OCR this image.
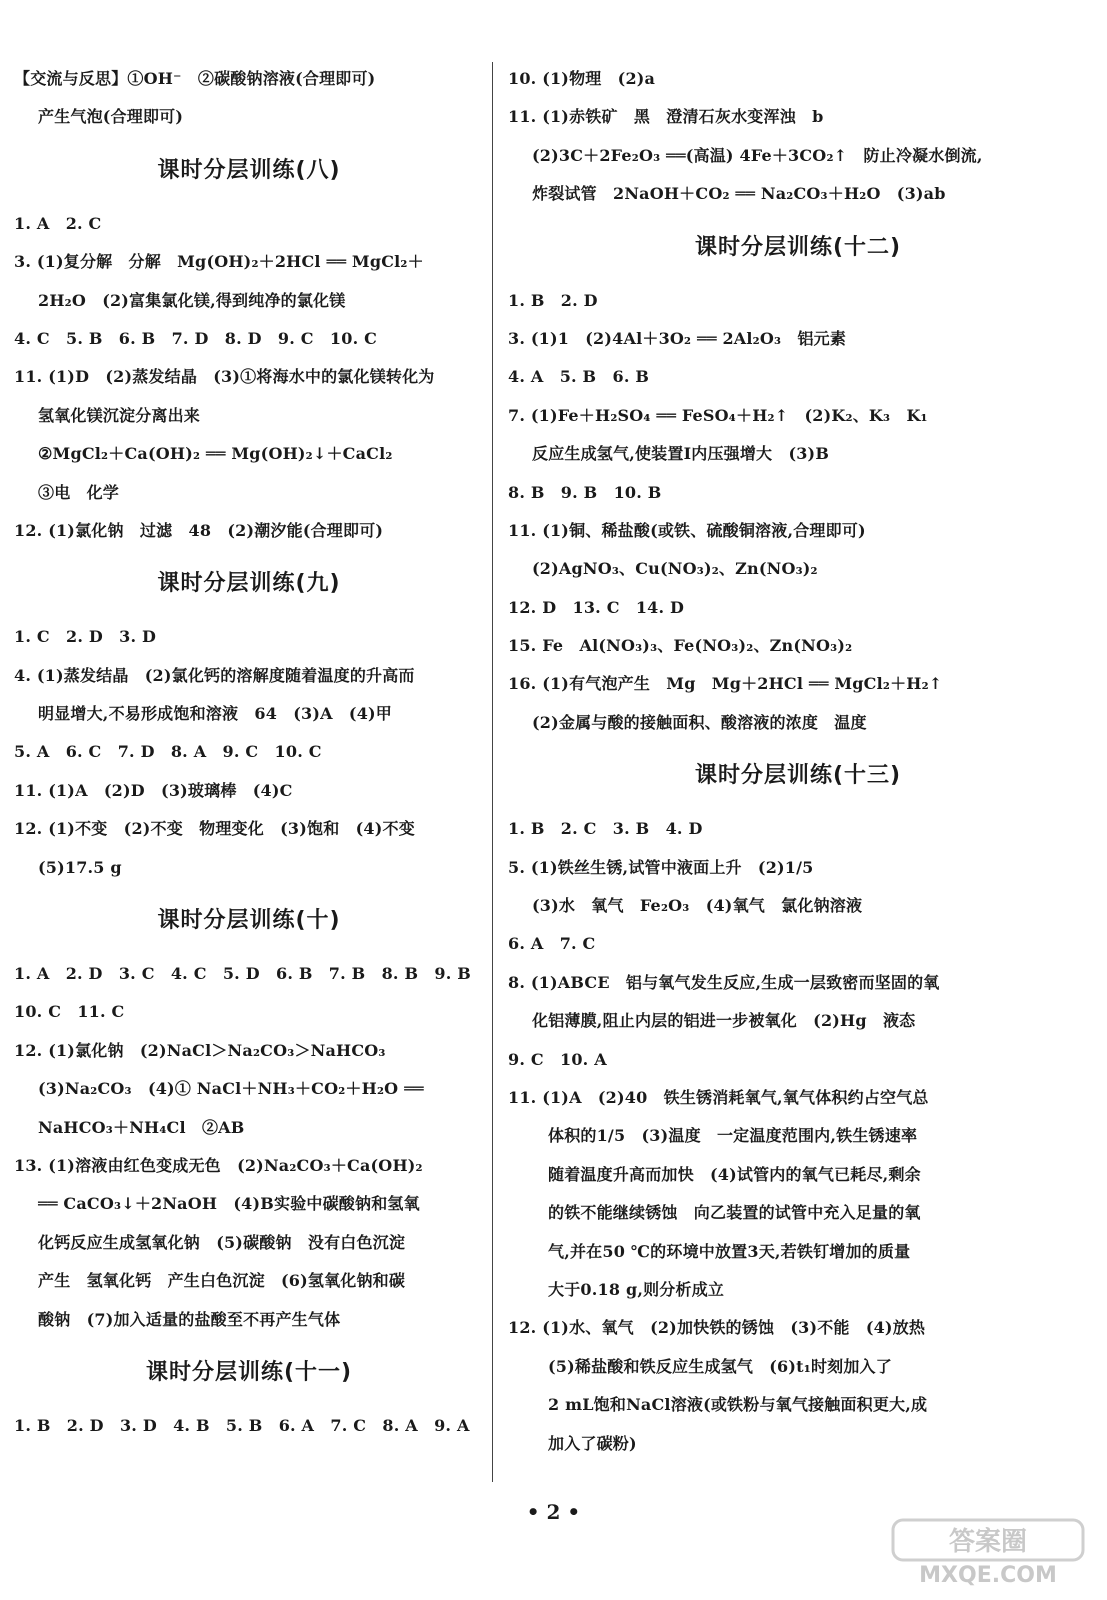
【交流与反思】①OH⁻　②碳酸钠溶液(合理即可)
产生气泡(合理即可)
课时分层训练(八)
1. A　2. C
3. (1)复分解　分解　Mg(OH)₂＋2HCl ══ MgCl₂＋
2H₂O　(2)富集氯化镁,得到纯净的氯化镁
4. C　5. B　6. B　7. D　8. D　9. C　10. C
11. (1)D　(2)蒸发结晶　(3)①将海水中的氯化镁转化为
氢氧化镁沉淀分离出来
②MgCl₂＋Ca(OH)₂ ══ Mg(OH)₂↓＋CaCl₂
③电　化学
12. (1)氯化钠　过滤　48　(2)潮汐能(合理即可)
课时分层训练(九)
1. C　2. D　3. D
4. (1)蒸发结晶　(2)氯化钙的溶解度随着温度的升高而
明显增大,不易形成饱和溶液　64　(3)A　(4)甲
5. A　6. C　7. D　8. A　9. C　10. C
11. (1)A　(2)D　(3)玻璃棒　(4)C
12. (1)不变　(2)不变　物理变化　(3)饱和　(4)不变
(5)17.5 g
课时分层训练(十)
1. A　2. D　3. C　4. C　5. D　6. B　7. B　8. B　9. B
10. C　11. C
12. (1)氯化钠　(2)NaCl＞Na₂CO₃＞NaHCO₃
(3)Na₂CO₃　(4)① NaCl＋NH₃＋CO₂＋H₂O ══
NaHCO₃＋NH₄Cl　②AB
13. (1)溶液由红色变成无色　(2)Na₂CO₃＋Ca(OH)₂
══ CaCO₃↓＋2NaOH　(4)B实验中碳酸钠和氢氧
化钙反应生成氢氧化钠　(5)碳酸钠　没有白色沉淀
产生　氢氧化钙　产生白色沉淀　(6)氢氧化钠和碳
酸钠　(7)加入适量的盐酸至不再产生气体
课时分层训练(十一)
1. B　2. D　3. D　4. B　5. B　6. A　7. C　8. A　9. A
10. (1)物理　(2)a
11. (1)赤铁矿　黑　澄清石灰水变浑浊　b
(2)3C＋2Fe₂O₃ ══(高温) 4Fe＋3CO₂↑　防止冷凝水倒流,
炸裂试管　2NaOH＋CO₂ ══ Na₂CO₃＋H₂O　(3)ab
课时分层训练(十二)
1. B　2. D
3. (1)1　(2)4Al＋3O₂ ══ 2Al₂O₃　铝元素
4. A　5. B　6. B
7. (1)Fe＋H₂SO₄ ══ FeSO₄＋H₂↑　(2)K₂、K₃　K₁
反应生成氢气,使装置Ⅰ内压强增大　(3)B
8. B　9. B　10. B
11. (1)铜、稀盐酸(或铁、硫酸铜溶液,合理即可)
(2)AgNO₃、Cu(NO₃)₂、Zn(NO₃)₂
12. D　13. C　14. D
15. Fe　Al(NO₃)₃、Fe(NO₃)₂、Zn(NO₃)₂
16. (1)有气泡产生　Mg　Mg＋2HCl ══ MgCl₂＋H₂↑
(2)金属与酸的接触面积、酸溶液的浓度　温度
课时分层训练(十三)
1. B　2. C　3. B　4. D
5. (1)铁丝生锈,试管中液面上升　(2)1/5
(3)水　氧气　Fe₂O₃　(4)氧气　氯化钠溶液
6. A　7. C
8. (1)ABCE　铝与氧气发生反应,生成一层致密而坚固的氧
化铝薄膜,阻止内层的铝进一步被氧化　(2)Hg　液态
9. C　10. A
11. (1)A　(2)40　铁生锈消耗氧气,氧气体积约占空气总
体积的1/5　(3)温度　一定温度范围内,铁生锈速率
随着温度升高而加快　(4)试管内的氧气已耗尽,剩余
的铁不能继续锈蚀　向乙装置的试管中充入足量的氧
气,并在50 ℃的环境中放置3天,若铁钉增加的质量
大于0.18 g,则分析成立
12. (1)水、氧气　(2)加快铁的锈蚀　(3)不能　(4)放热
(5)稀盐酸和铁反应生成氢气　(6)t₁时刻加入了
2 mL饱和NaCl溶液(或铁粉与氧气接触面积更大,成
加入了碳粉)
• 2 •
答案圈
MXQE.COM
